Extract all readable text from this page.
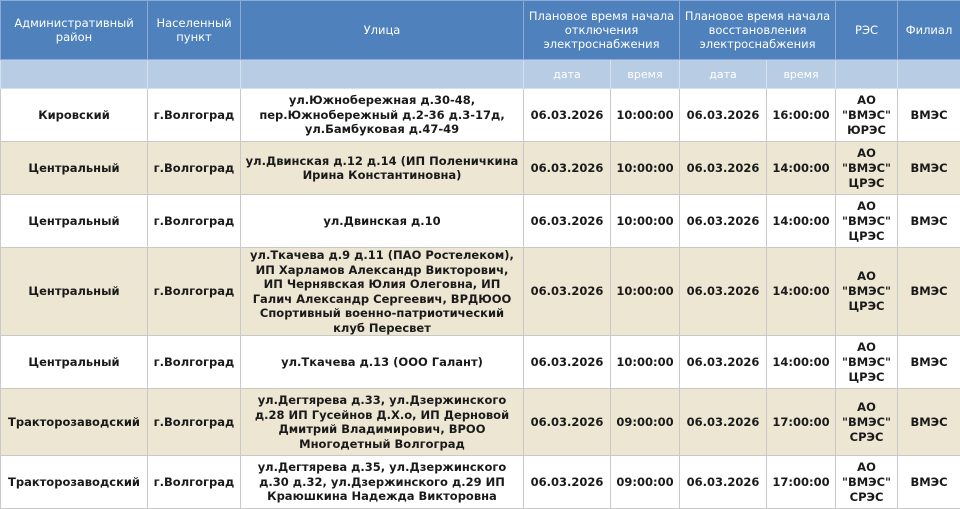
Административный район	Населенный пункт	Улица	Плановое время начала отключения электроснабжения		Плановое время начала восстановления электроснабжения		РЭС	Филиал
			дата	время	дата	время		
Кировский	г.Волгоград	ул.Южнобережная д.30-48, пер.Южнобережный д.2-36 д.3-17д, ул.Бамбуковая д.47-49	06.03.2026	10:00:00	06.03.2026	16:00:00	АО "ВМЭС" ЮРЭС	ВМЭС
Центральный	г.Волгоград	ул.Двинская д.12 д.14 (ИП Поленичкина Ирина Константиновна)	06.03.2026	10:00:00	06.03.2026	14:00:00	АО "ВМЭС" ЦРЭС	ВМЭС
Центральный	г.Волгоград	ул.Двинская д.10	06.03.2026	10:00:00	06.03.2026	14:00:00	АО "ВМЭС" ЦРЭС	ВМЭС
Центральный	г.Волгоград	ул.Ткачева д.9 д.11 (ПАО Ростелеком), ИП Харламов Александр Викторович, ИП Чернявская Юлия Олеговна, ИП Галич Александр Сергеевич, ВРДЮОО Спортивный военно-патриотический клуб Пересвет	06.03.2026	10:00:00	06.03.2026	14:00:00	АО "ВМЭС" ЦРЭС	ВМЭС
Центральный	г.Волгоград	ул.Ткачева д.13 (ООО Галант)	06.03.2026	10:00:00	06.03.2026	14:00:00	АО "ВМЭС" ЦРЭС	ВМЭС
Тракторозаводский	г.Волгоград	ул.Дегтярева д.33, ул.Дзержинского д.28 ИП Гусейнов Д.Х.о, ИП Дерновой Дмитрий Владимирович, ВРОО Многодетный Волгоград	06.03.2026	09:00:00	06.03.2026	17:00:00	АО "ВМЭС" СРЭС	ВМЭС
Тракторозаводский	г.Волгоград	ул.Дегтярева д.35, ул.Дзержинского д.30 д.32, ул.Дзержинского д.29 ИП Краюшкина Надежда Викторовна	06.03.2026	09:00:00	06.03.2026	17:00:00	АО "ВМЭС" СРЭС	ВМЭС
